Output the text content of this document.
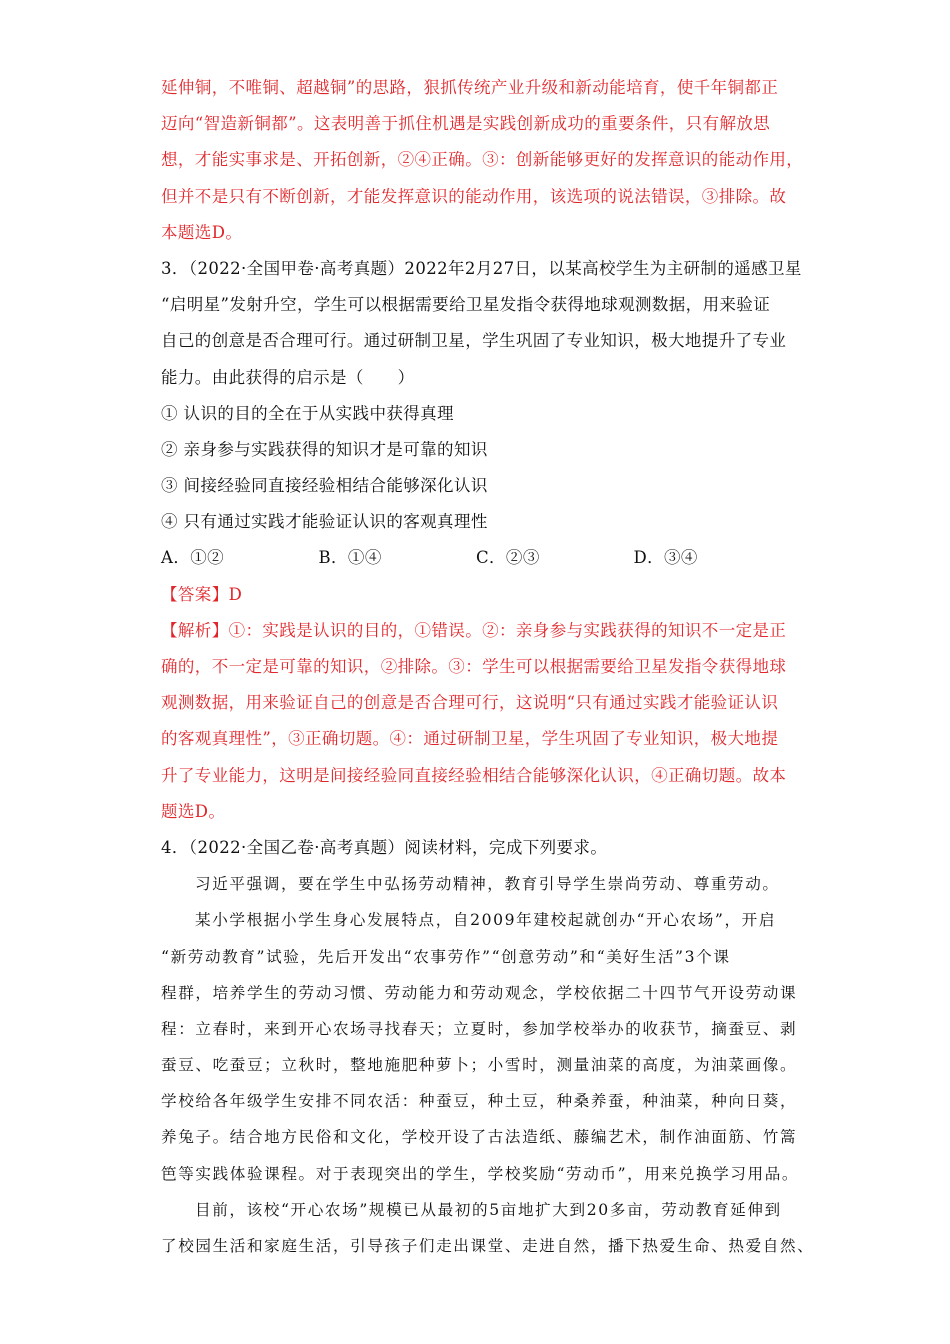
延伸铜，不唯铜、超越铜”的思路，狠抓传统产业升级和新动能培育，使千年铜都正
迈向“智造新铜都”。这表明善于抓住机遇是实践创新成功的重要条件，只有解放思
想，才能实事求是、开拓创新，②④正确。③：创新能够更好的发挥意识的能动作用，
但并不是只有不断创新，才能发挥意识的能动作用，该选项的说法错误，③排除。故
本题选D。
3．（2022·全国甲卷·高考真题）2022年2月27日，以某高校学生为主研制的遥感卫星
“启明星”发射升空，学生可以根据需要给卫星发指令获得地球观测数据，用来验证
自己的创意是否合理可行。通过研制卫星，学生巩固了专业知识，极大地提升了专业
能力。由此获得的启示是（　　）
① 认识的目的全在于从实践中获得真理
② 亲身参与实践获得的知识才是可靠的知识
③ 间接经验同直接经验相结合能够深化认识
④ 只有通过实践才能验证认识的客观真理性
A．①②	B．①④	C．②③	D．③④
【答案】D
【解析】①：实践是认识的目的，①错误。②：亲身参与实践获得的知识不一定是正
确的，不一定是可靠的知识，②排除。③：学生可以根据需要给卫星发指令获得地球
观测数据，用来验证自己的创意是否合理可行，这说明“只有通过实践才能验证认识
的客观真理性”，③正确切题。④：通过研制卫星，学生巩固了专业知识，极大地提
升了专业能力，这明是间接经验同直接经验相结合能够深化认识，④正确切题。故本
题选D。
4．（2022·全国乙卷·高考真题）阅读材料，完成下列要求。
习近平强调，要在学生中弘扬劳动精神，教育引导学生崇尚劳动、尊重劳动。
某小学根据小学生身心发展特点，自2009年建校起就创办“开心农场”，开启
“新劳动教育”试验，先后开发出“农事劳作”“创意劳动”和“美好生活”3个课
程群，培养学生的劳动习惯、劳动能力和劳动观念，学校依据二十四节气开设劳动课
程：立春时，来到开心农场寻找春天；立夏时，参加学校举办的收获节，摘蚕豆、剥
蚕豆、吃蚕豆；立秋时，整地施肥种萝卜；小雪时，测量油菜的高度，为油菜画像。
学校给各年级学生安排不同农活：种蚕豆，种土豆，种桑养蚕，种油菜，种向日葵，
养兔子。结合地方民俗和文化，学校开设了古法造纸、藤编艺术，制作油面筋、竹篙
笆等实践体验课程。对于表现突出的学生，学校奖励“劳动币”，用来兑换学习用品。
目前，该校“开心农场”规模已从最初的5亩地扩大到20多亩，劳动教育延伸到
了校园生活和家庭生活，引导孩子们走出课堂、走进自然，播下热爱生命、热爱自然、
